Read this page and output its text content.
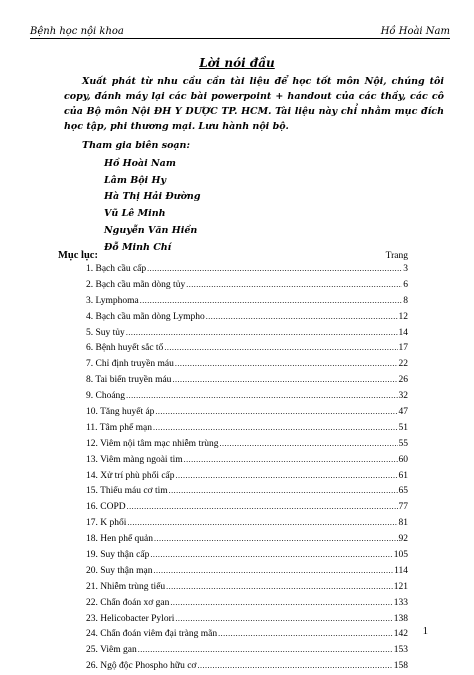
Bệnh học nội khoa	Hồ Hoài Nam
Lời nói đầu

Xuất phát từ nhu cầu cần tài liệu để học tốt môn Nội, chúng tôi copy, đánh máy lại các bài powerpoint + handout của các thầy, các cô của Bộ môn Nội ĐH Y DƯỢC TP. HCM. Tài liệu này chỉ nhằm mục đích học tập, phi thương mại. Lưu hành nội bộ.

Tham gia biên soạn:
Hồ Hoài Nam
Lâm Bội Hy
Hà Thị Hải Đường
Vũ Lê Minh
Nguyễn Văn Hiền
Đỗ Minh Chí
Mục lục:	Trang
1. Bạch cầu cấp .....	3
2. Bạch cầu mãn dòng tủy .....	6
3. Lymphoma .....	8
4. Bạch cầu mãn dòng Lympho .....	12
5. Suy tủy .....	14
6. Bệnh huyết sắc tố .....	17
7. Chỉ định truyền máu .....	22
8. Tai biến truyền máu .....	26
9. Choáng .....	32
10. Tăng huyết áp .....	47
11. Tâm phế mạn .....	51
12. Viêm nội tâm mạc nhiễm trùng .....	55
13. Viêm màng ngoài tim .....	60
14. Xử trí phù phổi cấp .....	61
15. Thiếu máu cơ tim .....	65
16. COPD .....	77
17. K phổi .....	81
18. Hen phế quản .....	92
19. Suy thận cấp .....	105
20. Suy thận mạn .....	114
21. Nhiễm trùng tiểu .....	121
22. Chẩn đoán xơ gan .....	133
23. Helicobacter Pylori .....	138
24. Chẩn đoán viêm đại tràng mãn .....	142
25. Viêm gan .....	153
26. Ngộ độc Phospho hữu cơ .....	158
1
